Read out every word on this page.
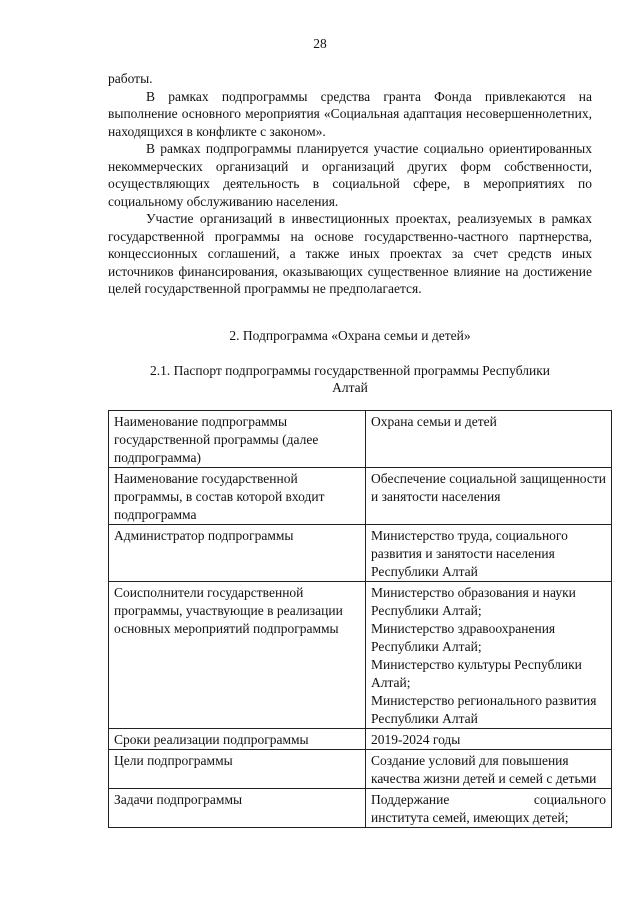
28

работы.

В рамках подпрограммы средства гранта Фонда привлекаются на выполнение основного мероприятия «Социальная адаптация несовершеннолетних, находящихся в конфликте с законом».

В рамках подпрограммы планируется участие социально ориентированных некоммерческих организаций и организаций других форм собственности, осуществляющих деятельность в социальной сфере, в мероприятиях по социальному обслуживанию населения.

Участие организаций в инвестиционных проектах, реализуемых в рамках государственной программы на основе государственно-частного партнерства, концессионных соглашений, а также иных проектах за счет средств иных источников финансирования, оказывающих существенное влияние на достижение целей государственной программы не предполагается.

2. Подпрограмма «Охрана семьи и детей»
2.1. Паспорт подпрограммы государственной программы Республики
Алтай
Наименование подпрограммы государственной программы (далее подпрограмма)	Охрана семьи и детей

Наименование государственной программы, в состав которой входит подпрограмма	Обеспечение социальной защищенности и занятости населения

Администратор подпрограммы	Министерство труда, социального развития и занятости населения Республики Алтай

Соисполнители государственной программы, участвующие в реализации основных мероприятий подпрограммы	Министерство образования и науки Республики Алтай;
Министерство здравоохранения Республики Алтай;
Министерство культуры Республики Алтай;
Министерство регионального развития Республики Алтай

Сроки реализации подпрограммы	2019-2024 годы

Цели подпрограммы	Создание условий для повышения качества жизни детей и семей с детьми

Задачи подпрограммы	Поддержание социального
института семей, имеющих детей;
